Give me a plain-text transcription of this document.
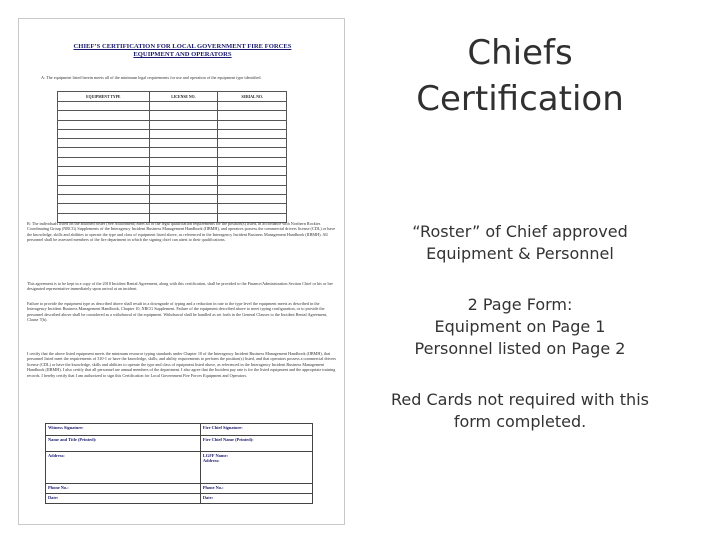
CHIEF’S CERTIFICATION FOR LOCAL GOVERNMENT FIRE FORCES
EQUIPMENT AND OPERATORS
A: The equipment listed herein meets all of the minimum legal requirements for use and operation of the equipment type identified.
EQUIPMENT TYPE	LICENSE NO.	SERIAL NO.

B: The individuals listed on the attached roster [See Attachment] meet all of the legal qualification requirements for the position(s) listed, in accordance with Northern Rockies Coordinating Group (NRCG) Supplements of the Interagency Incident Business Management Handbook (IIBMH), and operators possess the commercial drivers license (CDL) or have the knowledge, skills and abilities to operate the type and class of equipment listed above, as referenced in the Interagency Incident Business Management Handbook (IIBMH). All personnel shall be assessed members of the fire department in which the signing chief can attest to their qualifications.
This agreement is to be kept in a copy of the 2018 Incident Rental Agreement, along with this certification, shall be provided to the Finance/Administration Section Chief or his or her designated representative immediately upon arrival at an incident.
Failure to provide the equipment type as described above shall result in a downgrade of typing and a reduction in rate to the type level the equipment meets as described in the Interagency Incident Business Management Handbook, Chapter 10, NRCG Supplement. Failure of the equipment described above to meet typing configuration, or to provide the personnel described above shall be considered as a withdrawal of the equipment. Withdrawal shall be handled as set forth in the General Clauses to the Incident Rental Agreement, Clause 7(b).
I certify that the above listed equipment meets the minimum resource typing standards under Chapter 10 of the Interagency Incident Business Management Handbook (IIBMH), that personnel listed meet the requirements of 310-1 or have the knowledge, skills, and ability requirements to perform the position(s) listed, and that operators possess a commercial drivers license (CDL) or have the knowledge, skills and abilities to operate the type and class of equipment listed above, as referenced in the Interagency Incident Business Management Handbook (IIBMH). I also certify that all personnel are annual members of the department. I also agree that the Incident pay rate is for the listed equipment and the appropriate training records. I hereby certify that I am authorized to sign this Certification for Local Government Fire Forces Equipment and Operators.
Witness Signature:	Fire Chief Signature:
Name and Title (Printed):	Fire Chief Name (Printed):
Address:	LGFF Name:
Address:
Phone No.:	Phone No.:
Date:	Date:
Chiefs
Certification
“Roster” of Chief approved
Equipment & Personnel
2 Page Form:
Equipment on Page 1
Personnel listed on Page 2
Red Cards not required with this
form completed.
